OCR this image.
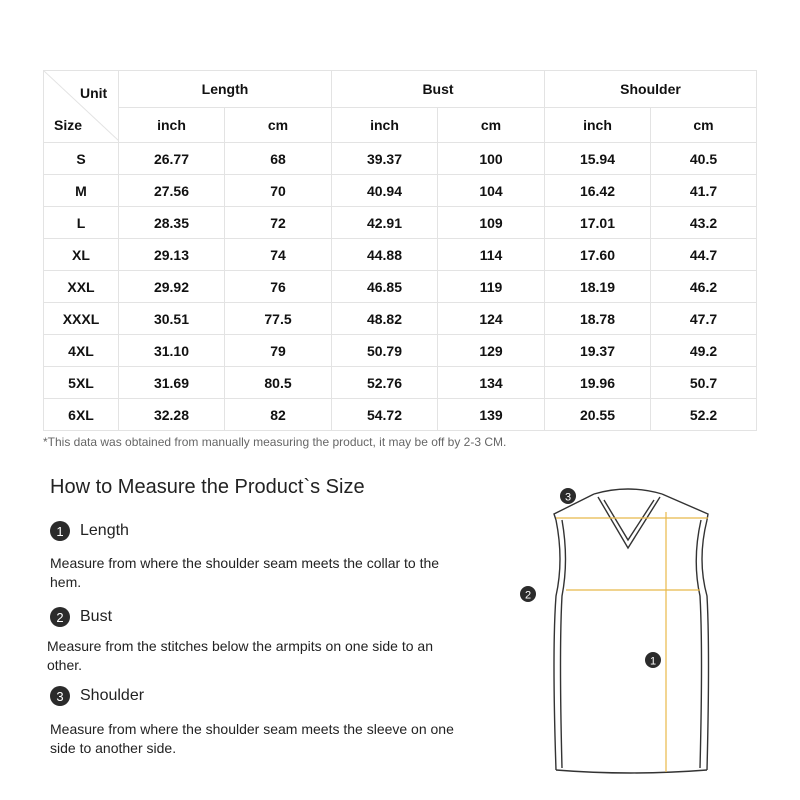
Unit
Size	Length		Bust		Shoulder	
	inch	cm	inch	cm	inch	cm
S	26.77	68	39.37	100	15.94	40.5
M	27.56	70	40.94	104	16.42	41.7
L	28.35	72	42.91	109	17.01	43.2
XL	29.13	74	44.88	114	17.60	44.7
XXL	29.92	76	46.85	119	18.19	46.2
XXXL	30.51	77.5	48.82	124	18.78	47.7
4XL	31.10	79	50.79	129	19.37	49.2
5XL	31.69	80.5	52.76	134	19.96	50.7
6XL	32.28	82	54.72	139	20.55	52.2
*This data was obtained from manually measuring the product, it may be off by 2-3 CM.
How to Measure the Product`s Size
1	Length
Measure from where the shoulder seam meets the collar to the hem.
2	Bust
Measure from the stitches below the armpits on one side to an other.
3	Shoulder
Measure from where the shoulder seam meets the sleeve on one side to another side.
3
2
1
